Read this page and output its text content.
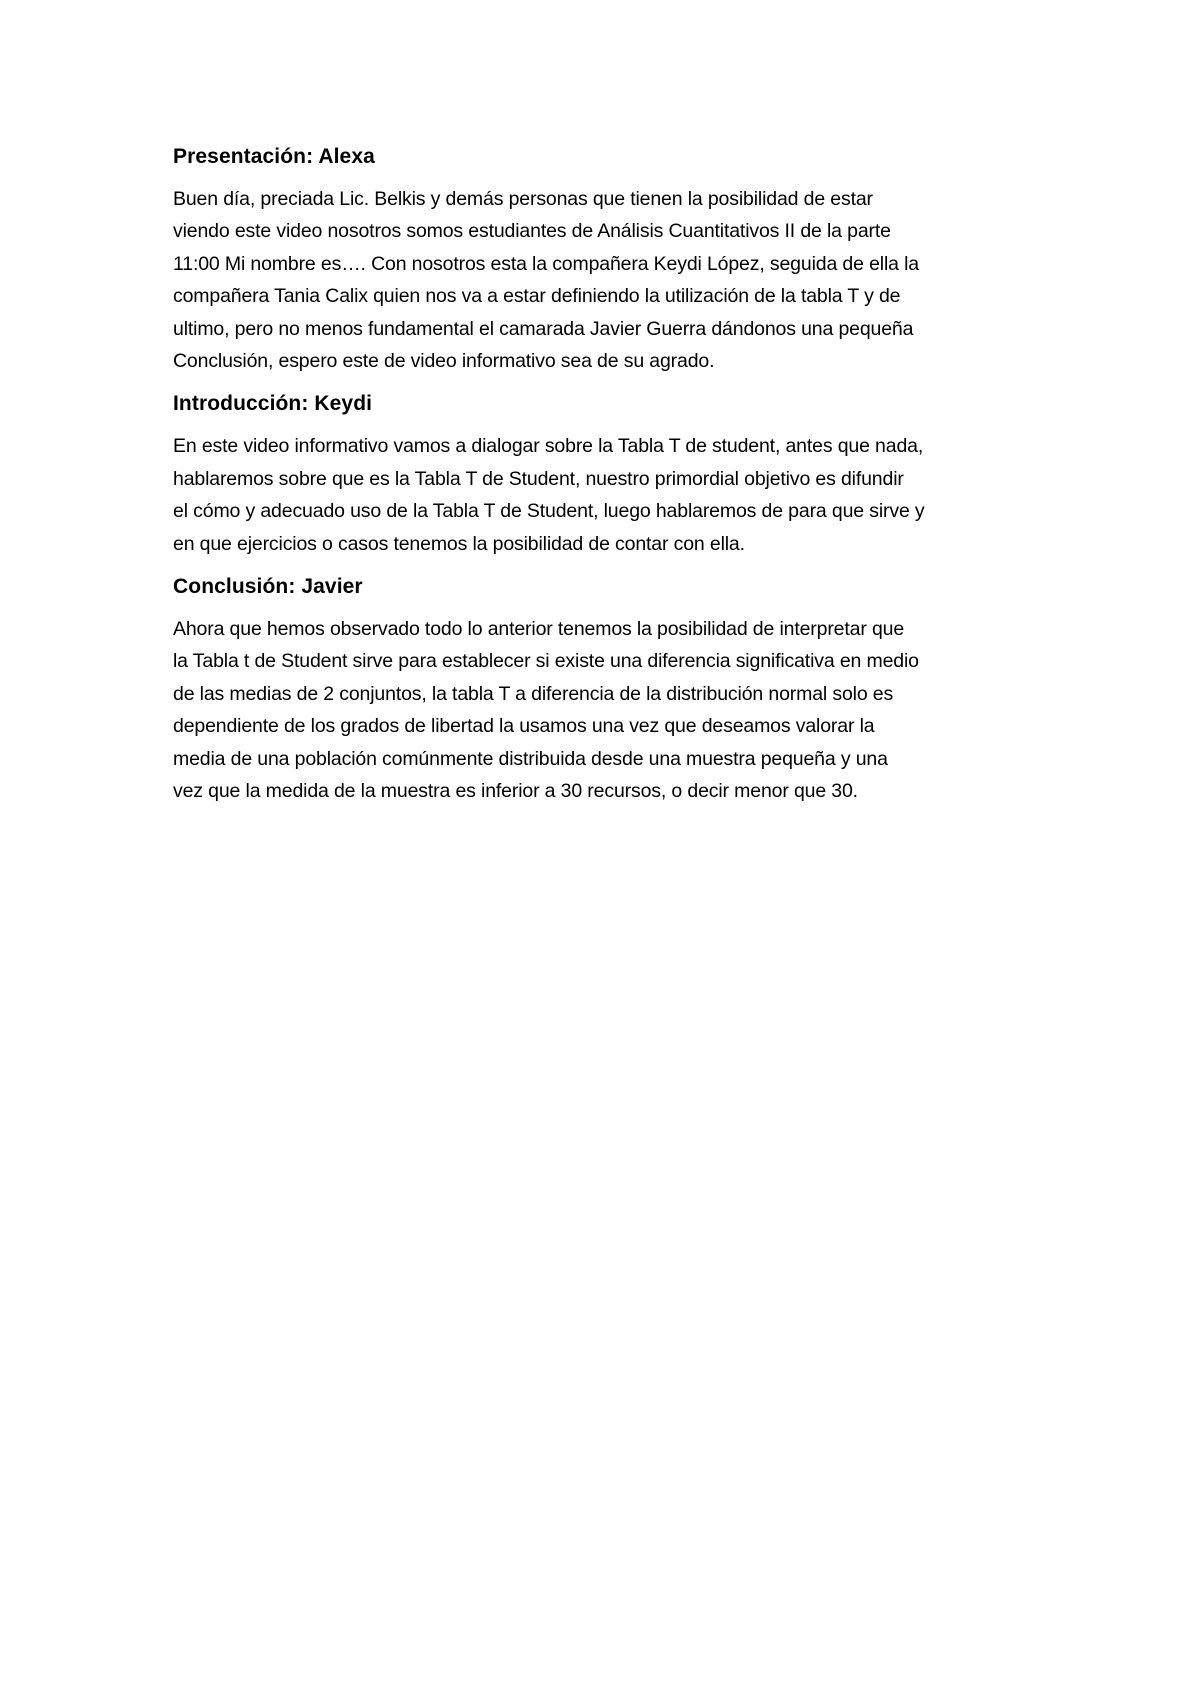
Presentación: Alexa
Buen día, preciada Lic. Belkis y demás personas que tienen la posibilidad de estar
viendo este video nosotros somos estudiantes de Análisis Cuantitativos II de la parte
11:00 Mi nombre es…. Con nosotros esta la compañera Keydi López, seguida de ella la
compañera Tania Calix quien nos va a estar definiendo la utilización de la tabla T y de
ultimo, pero no menos fundamental el camarada Javier Guerra dándonos una pequeña
Conclusión, espero este de video informativo sea de su agrado.
Introducción: Keydi
En este video informativo vamos a dialogar sobre la Tabla T de student, antes que nada,
hablaremos sobre que es la Tabla T de Student, nuestro primordial objetivo es difundir
el cómo y adecuado uso de la Tabla T de Student, luego hablaremos de para que sirve y
en que ejercicios o casos tenemos la posibilidad de contar con ella.
Conclusión: Javier
Ahora que hemos observado todo lo anterior tenemos la posibilidad de interpretar que
la Tabla t de Student sirve para establecer si existe una diferencia significativa en medio
de las medias de 2 conjuntos, la tabla T a diferencia de la distribución normal solo es
dependiente de los grados de libertad la usamos una vez que deseamos valorar la
media de una población comúnmente distribuida desde una muestra pequeña y una
vez que la medida de la muestra es inferior a 30 recursos, o decir menor que 30.
